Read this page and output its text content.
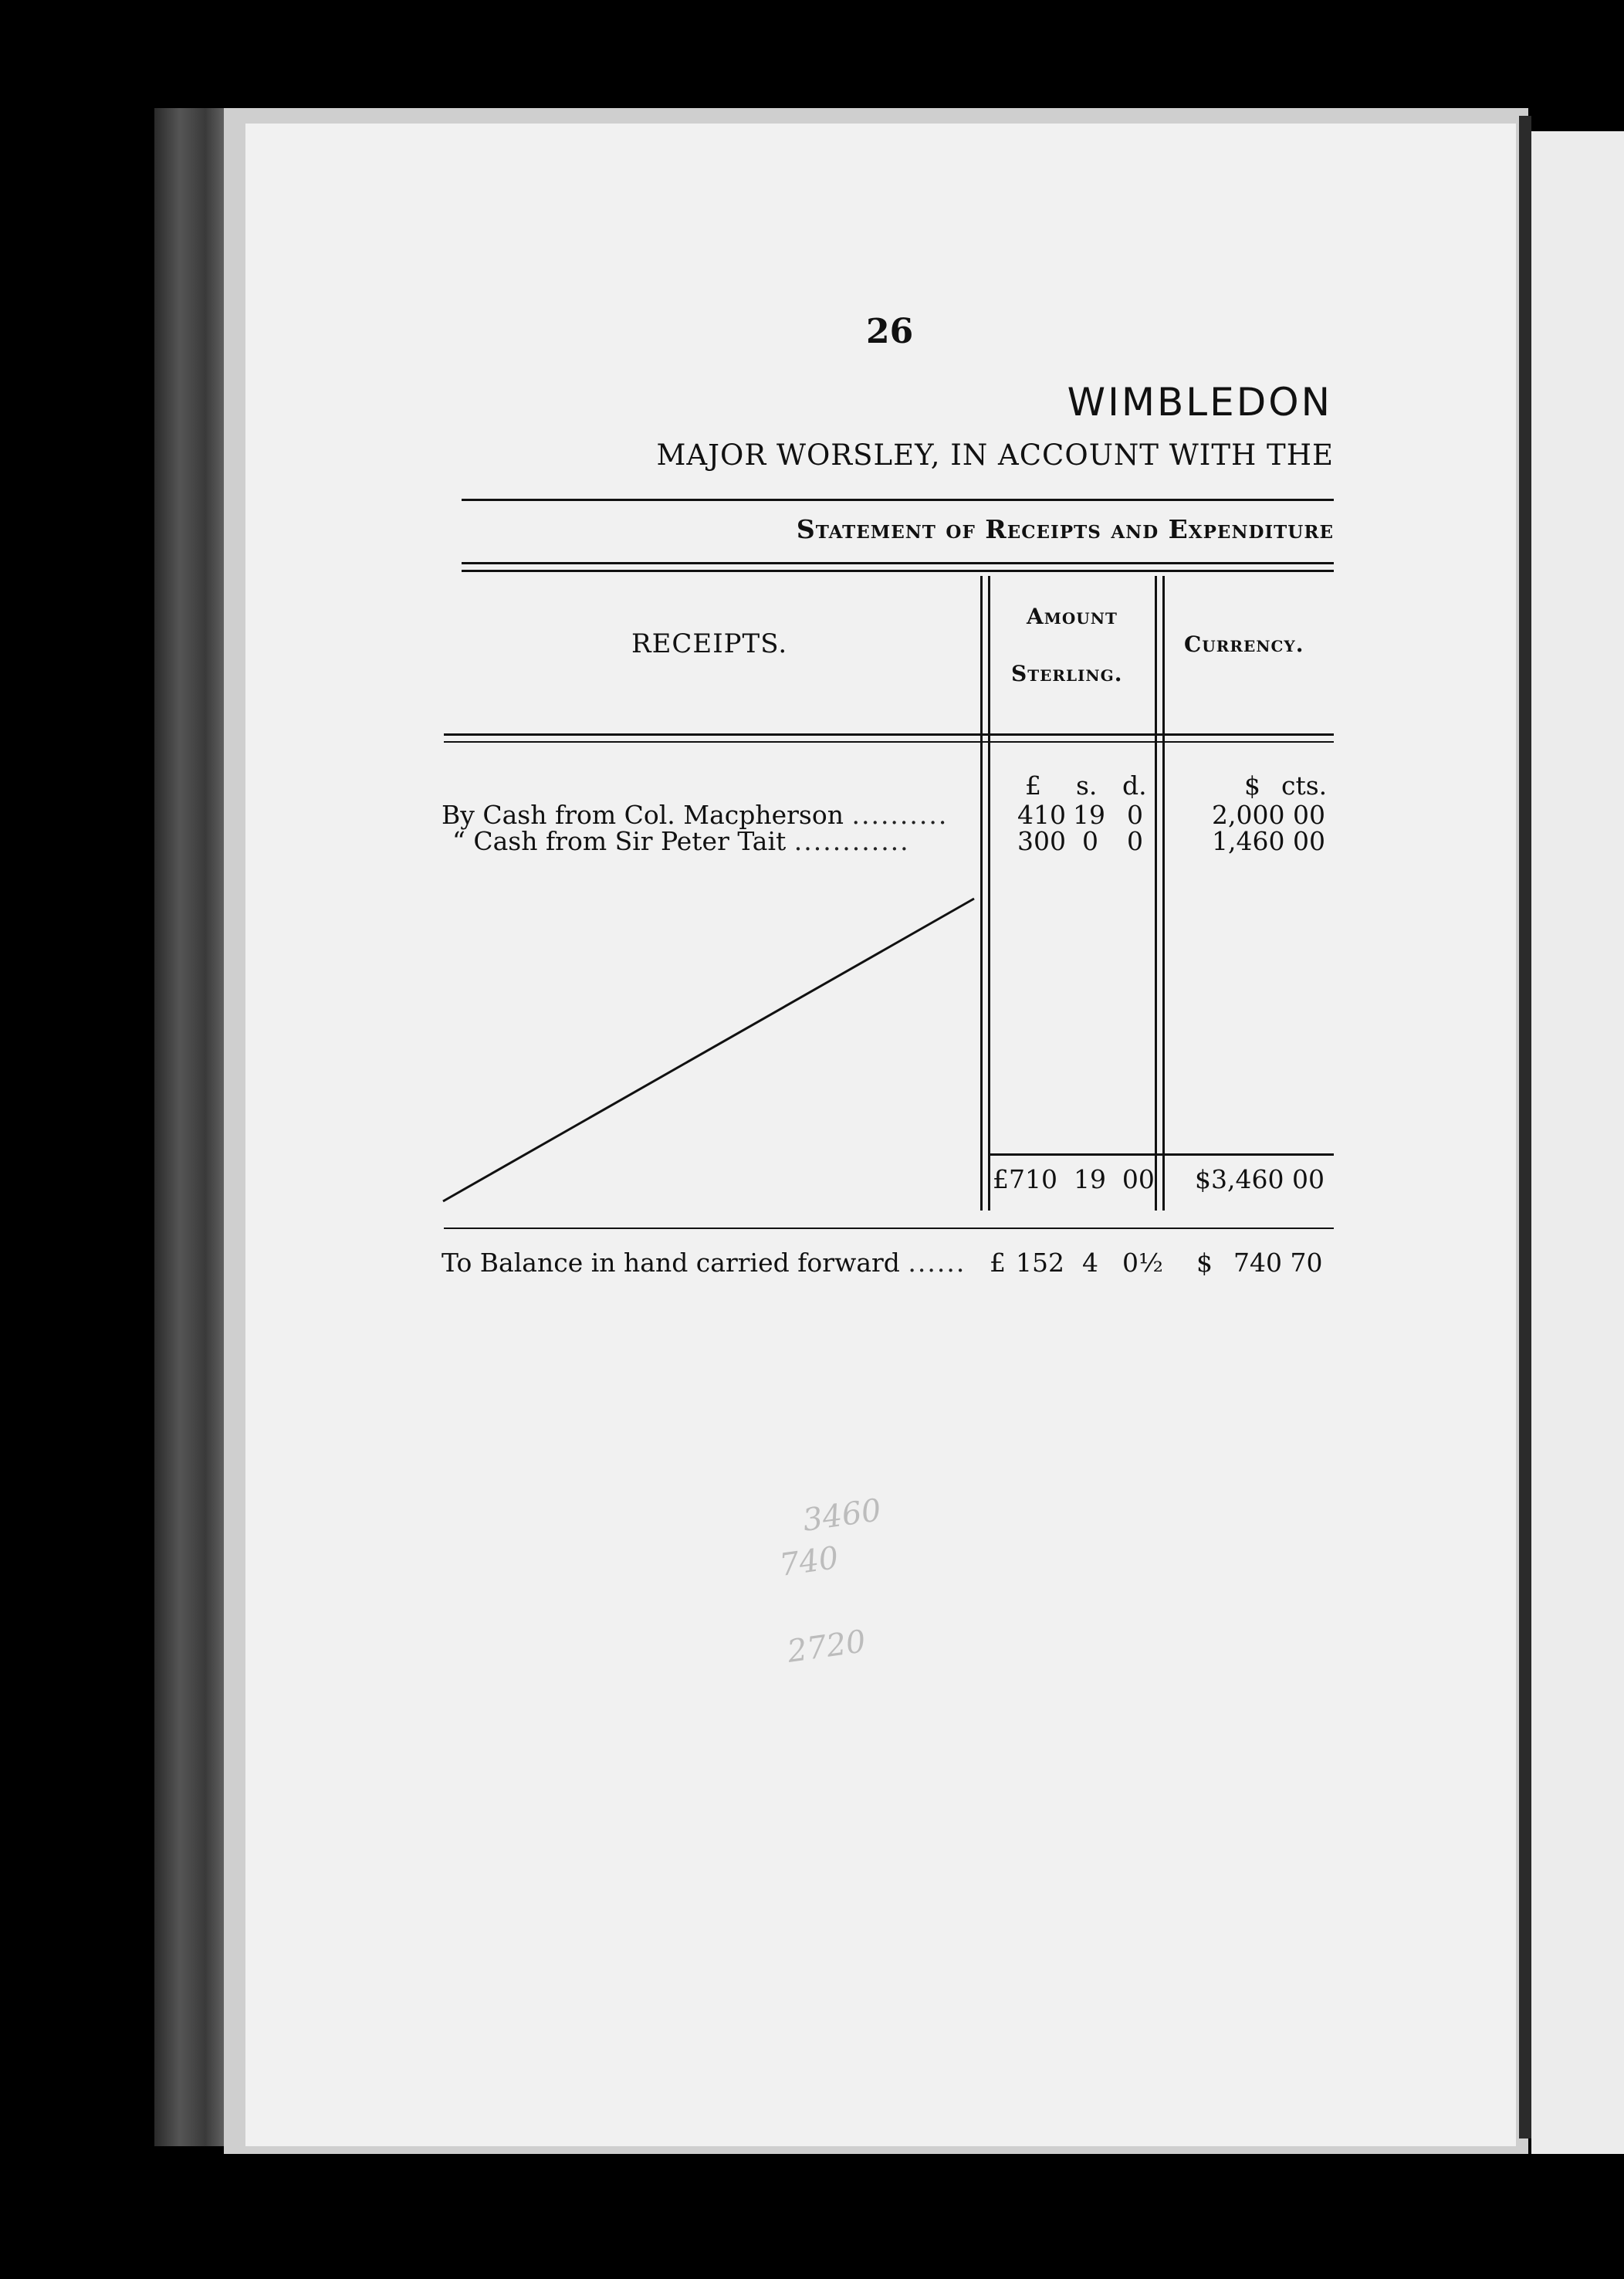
26
WIMBLEDON
MAJOR WORSLEY, IN ACCOUNT WITH THE
Statement of Receipts and Expenditure
RECEIPTS.
Amount
Sterling.
Currency.
£ s. d.	$ cts.
By Cash from Col. Macpherson ..........	410 19 0	2,000 00
“ Cash from Sir Peter Tait ............	300 0 0	1,460 00
£710  19  00 $3,460 00
To Balance in hand carried forward ...... £ 152 4 0½ $ 740 70
3460
740
2720
